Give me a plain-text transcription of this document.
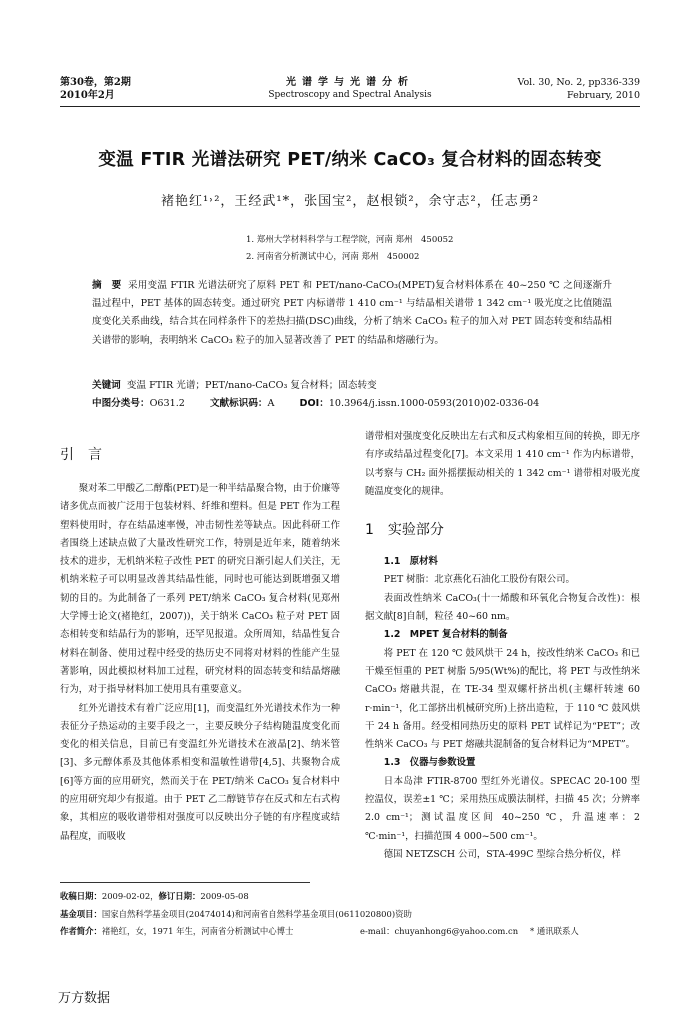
第30卷，第2期
2010年2月
光谱学与光谱分析
Spectroscopy and Spectral Analysis
Vol. 30, No. 2, pp336-339
February, 2010
变温 FTIR 光谱法研究 PET/纳米 CaCO₃ 复合材料的固态转变
褚艳红¹˒²，王经武¹*，张国宝²，赵根锁²，余守志²，任志勇²
1. 郑州大学材料科学与工程学院，河南 郑州　450052
2. 河南省分析测试中心，河南 郑州　450002
摘　要 采用变温 FTIR 光谱法研究了原料 PET 和 PET/nano-CaCO₃(MPET)复合材料体系在 40~250 ℃ 之间逐渐升温过程中，PET 基体的固态转变。通过研究 PET 内标谱带 1 410 cm⁻¹ 与结晶相关谱带 1 342 cm⁻¹ 吸光度之比值随温度变化关系曲线，结合其在同样条件下的差热扫描(DSC)曲线，分析了纳米 CaCO₃ 粒子的加入对 PET 固态转变和结晶相关谱带的影响，表明纳米 CaCO₃ 粒子的加入显著改善了 PET 的结晶和熔融行为。
关键词 变温 FTIR 光谱；PET/nano-CaCO₃ 复合材料；固态转变
中图分类号：O631.2	文献标识码：A	DOI：10.3964/j.issn.1000-0593(2010)02-0336-04
引　言

聚对苯二甲酸乙二醇酯(PET)是一种半结晶聚合物，由于价廉等诸多优点而被广泛用于包装材料、纤维和塑料。但是 PET 作为工程塑料使用时，存在结晶速率慢，冲击韧性差等缺点。因此科研工作者围绕上述缺点做了大量改性研究工作，特别是近年来，随着纳米技术的进步，无机纳米粒子改性 PET 的研究日渐引起人们关注，无机纳米粒子可以明显改善其结晶性能，同时也可能达到既增强又增韧的目的。为此制备了一系列 PET/纳米 CaCO₃ 复合材料(见郑州大学博士论文(褚艳红，2007))，关于纳米 CaCO₃ 粒子对 PET 固态相转变和结晶行为的影响，还罕见报道。众所周知，结晶性复合材料在制备、使用过程中经受的热历史不同将对材料的性能产生显著影响，因此模拟材料加工过程，研究材料的固态转变和结晶熔融行为，对于指导材料加工使用具有重要意义。

红外光谱技术有着广泛应用[1]，而变温红外光谱技术作为一种表征分子热运动的主要手段之一，主要反映分子结构随温度变化而变化的相关信息，目前已有变温红外光谱技术在液晶[2]、纳米管[3]、多元醇体系及其他体系相变和温敏性谱带[4,5]、共聚物合成[6]等方面的应用研究，然而关于在 PET/纳米 CaCO₃ 复合材料中的应用研究却少有报道。由于 PET 乙二醇链节存在反式和左右式构象，其相应的吸收谱带相对强度可以反映出分子链的有序程度或结晶程度，而吸收

谱带相对强度变化反映出左右式和反式构象相互间的转换，即无序有序或结晶过程变化[7]。本文采用 1 410 cm⁻¹ 作为内标谱带，以考察与 CH₂ 面外摇摆振动相关的 1 342 cm⁻¹ 谱带相对吸光度随温度变化的规律。

1　实验部分

1.1　原材料

PET 树脂：北京燕化石油化工股份有限公司。

表面改性纳米 CaCO₃(十一烯酸和环氧化合物复合改性)：根据文献[8]自制，粒径 40~60 nm。

1.2　MPET 复合材料的制备

将 PET 在 120 ℃ 鼓风烘干 24 h，按改性纳米 CaCO₃ 和已干燥至恒重的 PET 树脂 5/95(Wt%)的配比，将 PET 与改性纳米 CaCO₃ 熔融共混，在 TE-34 型双螺杆挤出机(主螺杆转速 60 r·min⁻¹，化工部挤出机械研究所)上挤出造粒，于 110 ℃ 鼓风烘干 24 h 备用。经受相同热历史的原料 PET 试样记为“PET”；改性纳米 CaCO₃ 与 PET 熔融共混制备的复合材料记为“MPET”。

1.3　仪器与参数设置

日本岛津 FTIR-8700 型红外光谱仪。SPECAC 20-100 型控温仪，误差±1 ℃；采用热压成膜法制样，扫描 45 次；分辨率 2.0 cm⁻¹；测试温度区间 40~250 ℃，升温速率：2 ℃·min⁻¹，扫描范围 4 000~500 cm⁻¹。

德国 NETZSCH 公司，STA-499C 型综合热分析仪，样

收稿日期：2009-02-02，修订日期：2009-05-08
基金项目：国家自然科学基金项目(20474014)和河南省自然科学基金项目(0611020800)资助
作者简介：褚艳红，女，1971 年生，河南省分析测试中心博士	e-mail：chuyanhong6@yahoo.com.cn * 通讯联系人
万方数据
